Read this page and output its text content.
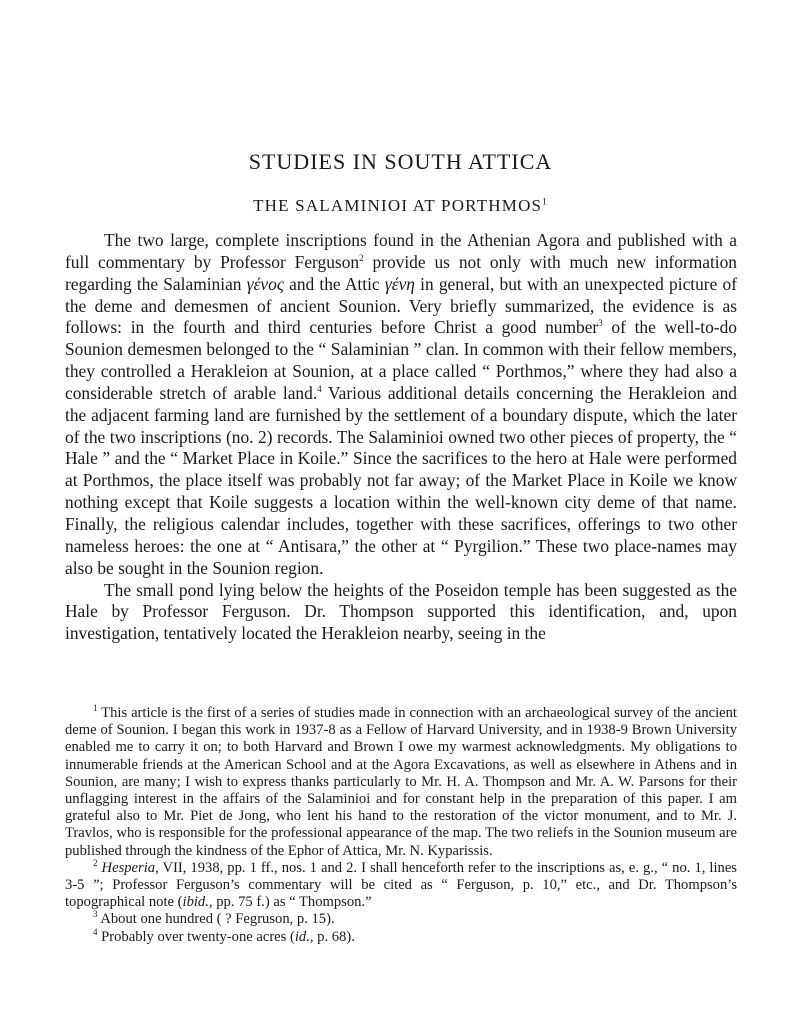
STUDIES IN SOUTH ATTICA
THE SALAMINIOI AT PORTHMOS$^1$

The two large, complete inscriptions found in the Athenian Agora and published with a full commentary by Professor Ferguson$^2$ provide us not only with much new information regarding the Salaminian γένος and the Attic γένη in general, but with an unexpected picture of the deme and demesmen of ancient Sounion. Very briefly summarized, the evidence is as follows: in the fourth and third centuries before Christ a good number$^3$ of the well-to-do Sounion demesmen belonged to the “ Salaminian ” clan. In common with their fellow members, they controlled a Herakleion at Sounion, at a place called “ Porthmos,” where they had also a considerable stretch of arable land.$^4$ Various additional details concerning the Herakleion and the adjacent farming land are furnished by the settlement of a boundary dispute, which the later of the two inscriptions (no. 2) records. The Salaminioi owned two other pieces of property, the “ Hale ” and the “ Market Place in Koile.” Since the sacrifices to the hero at Hale were performed at Porthmos, the place itself was probably not far away; of the Market Place in Koile we know nothing except that Koile suggests a location within the well-known city deme of that name. Finally, the religious calendar includes, together with these sacrifices, offerings to two other nameless heroes: the one at “ Antisara,” the other at “ Pyrgilion.” These two place-names may also be sought in the Sounion region.

The small pond lying below the heights of the Poseidon temple has been suggested as the Hale by Professor Ferguson. Dr. Thompson supported this identification, and, upon investigation, tentatively located the Herakleion nearby, seeing in the

$^1$ This article is the first of a series of studies made in connection with an archaeological survey of the ancient deme of Sounion. I began this work in 1937-8 as a Fellow of Harvard University, and in 1938-9 Brown University enabled me to carry it on; to both Harvard and Brown I owe my warmest acknowledgments. My obligations to innumerable friends at the American School and at the Agora Excavations, as well as elsewhere in Athens and in Sounion, are many; I wish to express thanks particularly to Mr. H. A. Thompson and Mr. A. W. Parsons for their unflagging interest in the affairs of the Salaminioi and for constant help in the preparation of this paper. I am grateful also to Mr. Piet de Jong, who lent his hand to the restoration of the victor monument, and to Mr. J. Travlos, who is responsible for the professional appearance of the map. The two reliefs in the Sounion museum are published through the kindness of the Ephor of Attica, Mr. N. Kyparissis.

$^2$ Hesperia, VII, 1938, pp. 1 ff., nos. 1 and 2. I shall henceforth refer to the inscriptions as, e. g., “ no. 1, lines 3-5 ”; Professor Ferguson’s commentary will be cited as “ Ferguson, p. 10,” etc., and Dr. Thompson’s topographical note (ibid., pp. 75 f.) as “ Thompson.”

$^3$ About one hundred ( ? Fegruson, p. 15).

$^4$ Probably over twenty-one acres (id., p. 68).
